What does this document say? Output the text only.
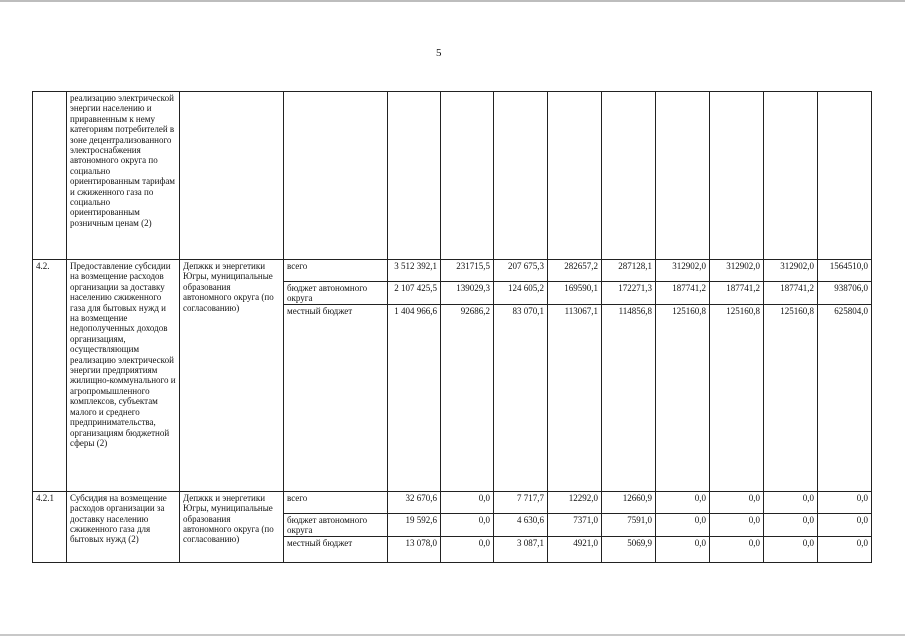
5
	реализацию электрической энергии населению и приравненным к нему категориям потребителей в зоне децентрализованного электроснабжения автономного округа по социально ориентированным тарифам и сжиженного газа по социально ориентированным розничным ценам (2)											
4.2.	Предоставление субсидии на возмещение расходов организации за доставку населению сжиженного газа для бытовых нужд и на возмещение недополученных доходов организациям, осуществляющим реализацию электрической энергии предприятиям жилищно-коммунального и агропромышленного комплексов, субъектам малого и среднего предпринимательства, организациям бюджетной сферы (2)	Депжкк и энергетики Югры, муниципальные образования автономного округа (по согласованию)	всего	3 512 392,1	231715,5	207 675,3	282657,2	287128,1	312902,0	312902,0	312902,0	1564510,0
			бюджет автономного округа	2 107 425,5	139029,3	124 605,2	169590,1	172271,3	187741,2	187741,2	187741,2	938706,0
			местный бюджет	1 404 966,6	92686,2	83 070,1	113067,1	114856,8	125160,8	125160,8	125160,8	625804,0
4.2.1	Субсидия на возмещение расходов организации за доставку населению сжиженного газа для бытовых нужд (2)	Депжкк и энергетики Югры, муниципальные образования автономного округа (по согласованию)	всего	32 670,6	0,0	7 717,7	12292,0	12660,9	0,0	0,0	0,0	0,0
			бюджет автономного округа	19 592,6	0,0	4 630,6	7371,0	7591,0	0,0	0,0	0,0	0,0
			местный бюджет	13 078,0	0,0	3 087,1	4921,0	5069,9	0,0	0,0	0,0	0,0
